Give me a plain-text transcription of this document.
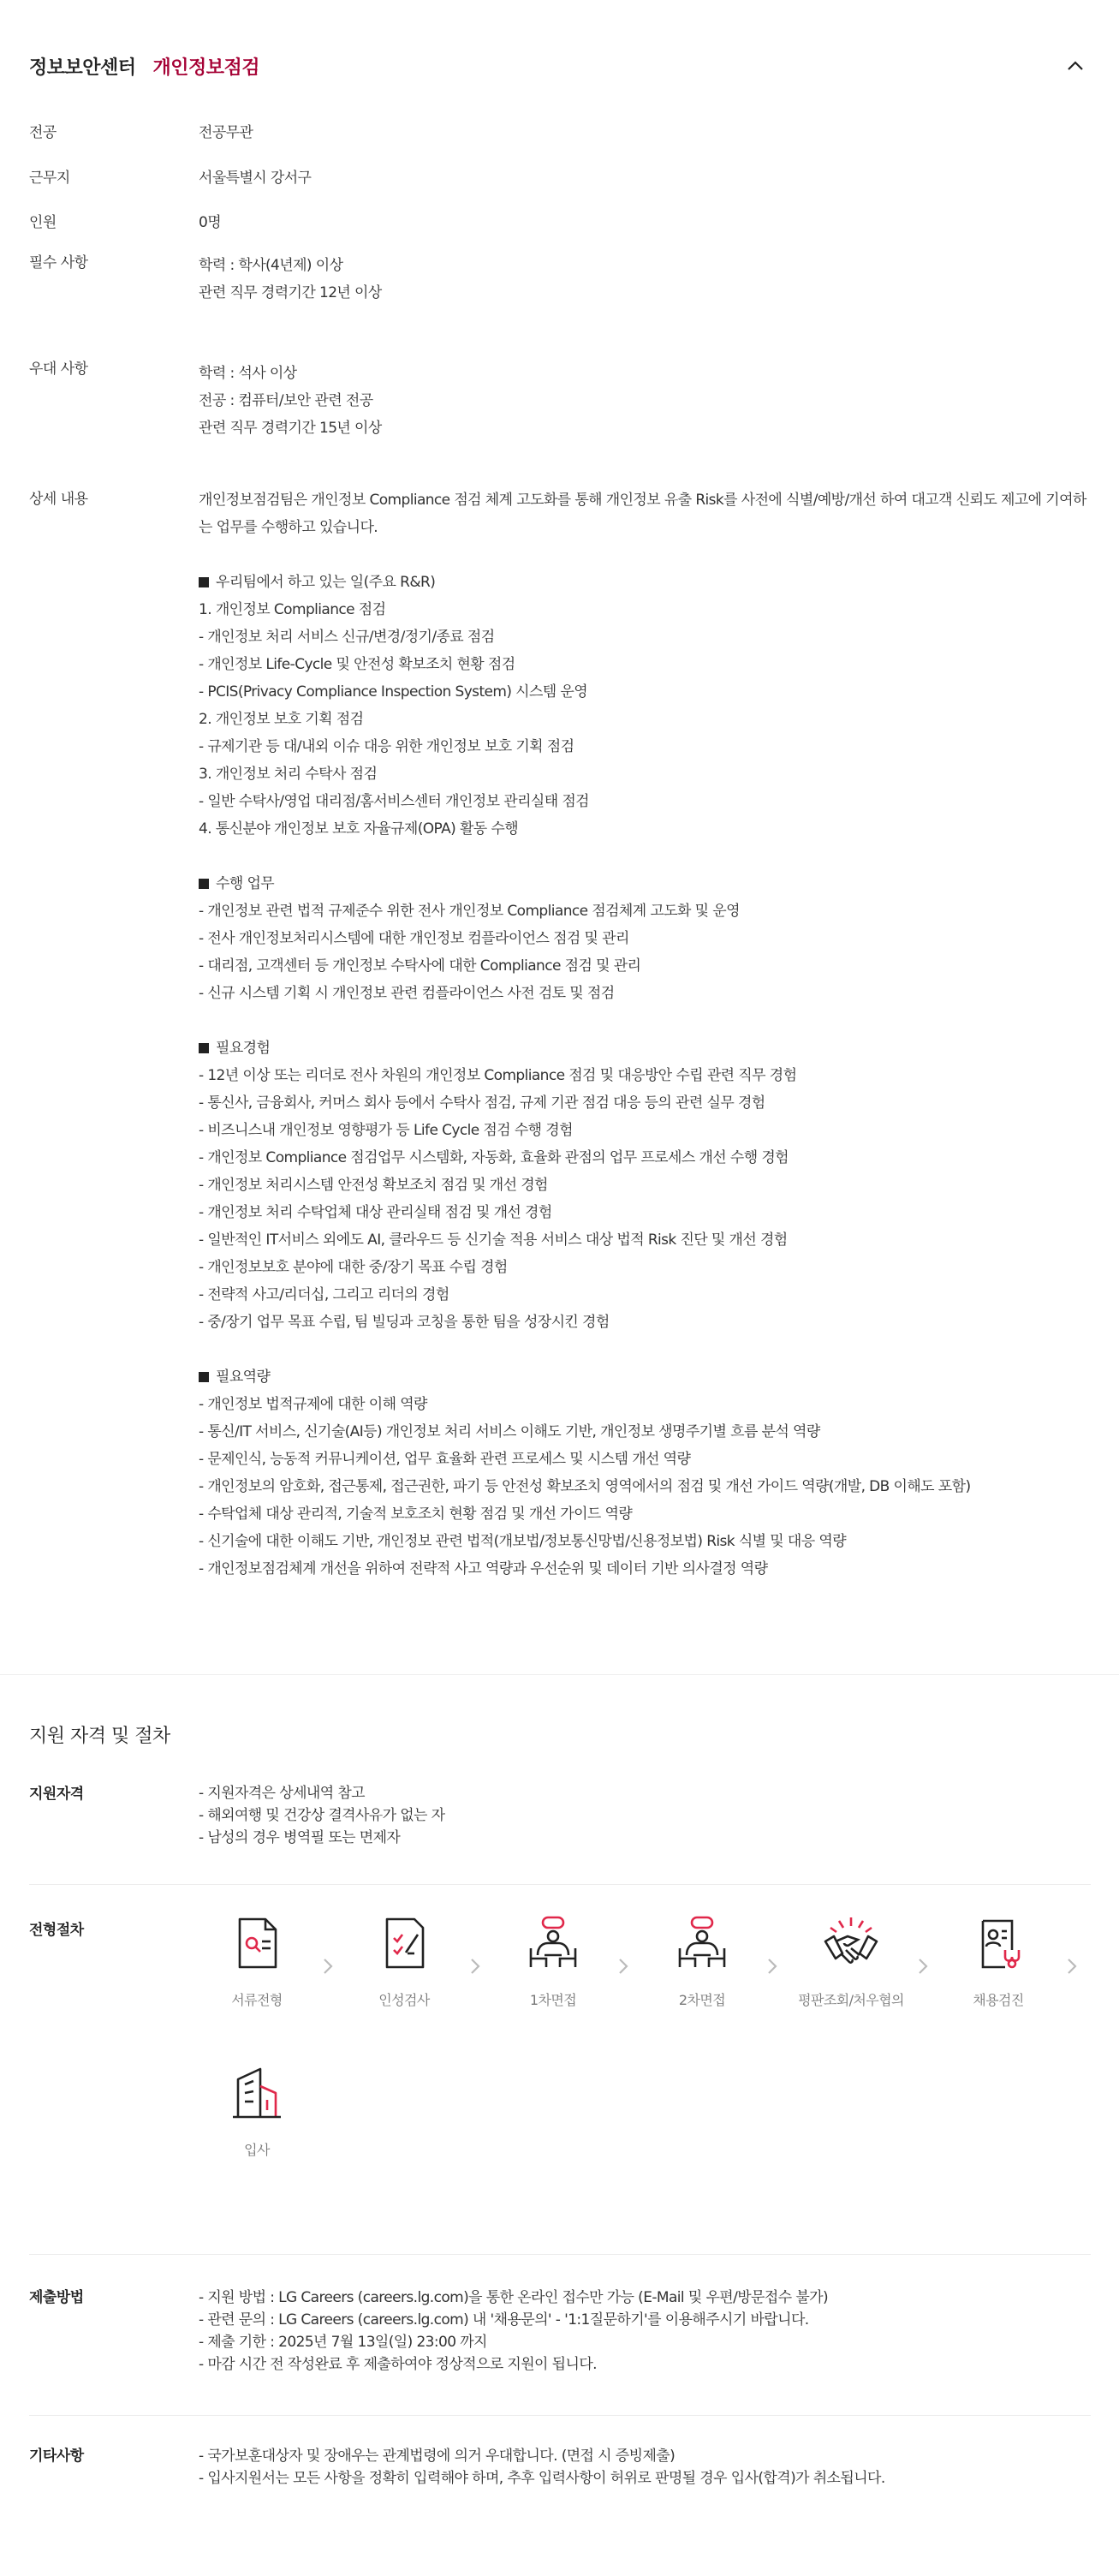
정보보안센터 개인정보점검
전공	전공무관
근무지	서울특별시 강서구
인원	0명
필수 사항	학력 : 학사(4년제) 이상
관련 직무 경력기간 12년 이상
우대 사항	학력 : 석사 이상
전공 : 컴퓨터/보안 관련 전공
관련 직무 경력기간 15년 이상
상세 내용	개인정보점검팀은 개인정보 Compliance 점검 체계 고도화를 통해 개인정보 유출 Risk를 사전에 식별/예방/개선 하여 대고객 신뢰도 제고에 기여하는 업무를 수행하고 있습니다.
우리팀에서 하고 있는 일(주요 R&R)
1. 개인정보 Compliance 점검
- 개인정보 처리 서비스 신규/변경/정기/종료 점검
- 개인정보 Life-Cycle 및 안전성 확보조치 현황 점검
- PCIS(Privacy Compliance Inspection System) 시스템 운영
2. 개인정보 보호 기획 점검
- 규제기관 등 대/내외 이슈 대응 위한 개인정보 보호 기획 점검
3. 개인정보 처리 수탁사 점검
- 일반 수탁사/영업 대리점/홈서비스센터 개인정보 관리실태 점검
4. 통신분야 개인정보 보호 자율규제(OPA) 활동 수행
수행 업무
- 개인정보 관련 법적 규제준수 위한 전사 개인정보 Compliance 점검체계 고도화 및 운영
- 전사 개인정보처리시스템에 대한 개인정보 컴플라이언스 점검 및 관리
- 대리점, 고객센터 등 개인정보 수탁사에 대한 Compliance 점검 및 관리
- 신규 시스템 기획 시 개인정보 관련 컴플라이언스 사전 검토 및 점검
필요경험
- 12년 이상 또는 리더로 전사 차원의 개인정보 Compliance 점검 및 대응방안 수립 관련 직무 경험
- 통신사, 금융회사, 커머스 회사 등에서 수탁사 점검, 규제 기관 점검 대응 등의 관련 실무 경험
- 비즈니스내 개인정보 영향평가 등 Life Cycle 점검 수행 경험
- 개인정보 Compliance 점검업무 시스템화, 자동화, 효율화 관점의 업무 프로세스 개선 수행 경험
- 개인정보 처리시스템 안전성 확보조치 점검 및 개선 경험
- 개인정보 처리 수탁업체 대상 관리실태 점검 및 개선 경험
- 일반적인 IT서비스 외에도 AI, 클라우드 등 신기술 적용 서비스 대상 법적 Risk 진단 및 개선 경험
- 개인정보보호 분야에 대한 중/장기 목표 수립 경험
- 전략적 사고/리더십, 그리고 리더의 경험
- 중/장기 업무 목표 수립, 팀 빌딩과 코칭을 통한 팀을 성장시킨 경험
필요역량
- 개인정보 법적규제에 대한 이해 역량
- 통신/IT 서비스, 신기술(AI등) 개인정보 처리 서비스 이해도 기반, 개인정보 생명주기별 흐름 분석 역량
- 문제인식, 능동적 커뮤니케이션, 업무 효율화 관련 프로세스 및 시스템 개선 역량
- 개인정보의 암호화, 접근통제, 접근권한, 파기 등 안전성 확보조치 영역에서의 점검 및 개선 가이드 역량(개발, DB 이해도 포함)
- 수탁업체 대상 관리적, 기술적 보호조치 현황 점검 및 개선 가이드 역량
- 신기술에 대한 이해도 기반, 개인정보 관련 법적(개보법/정보통신망법/신용정보법) Risk 식별 및 대응 역량
- 개인정보점검체계 개선을 위하여 전략적 사고 역량과 우선순위 및 데이터 기반 의사결정 역량
지원 자격 및 절차
지원자격	- 지원자격은 상세내역 참고
- 해외여행 및 건강상 결격사유가 없는 자
- 남성의 경우 병역필 또는 면제자
전형절차
서류전형	인성검사	1차면접	2차면접	평판조회/처우협의	채용검진
입사
제출방법	- 지원 방법 : LG Careers (careers.lg.com)을 통한 온라인 접수만 가능 (E-Mail 및 우편/방문접수 불가)
- 관련 문의 : LG Careers (careers.lg.com) 내 '채용문의' - '1:1질문하기'를 이용해주시기 바랍니다.
- 제출 기한 : 2025년 7월 13일(일) 23:00 까지
- 마감 시간 전 작성완료 후 제출하여야 정상적으로 지원이 됩니다.
기타사항	- 국가보훈대상자 및 장애우는 관계법령에 의거 우대합니다. (면접 시 증빙제출)
- 입사지원서는 모든 사항을 정확히 입력해야 하며, 추후 입력사항이 허위로 판명될 경우 입사(합격)가 취소됩니다.
